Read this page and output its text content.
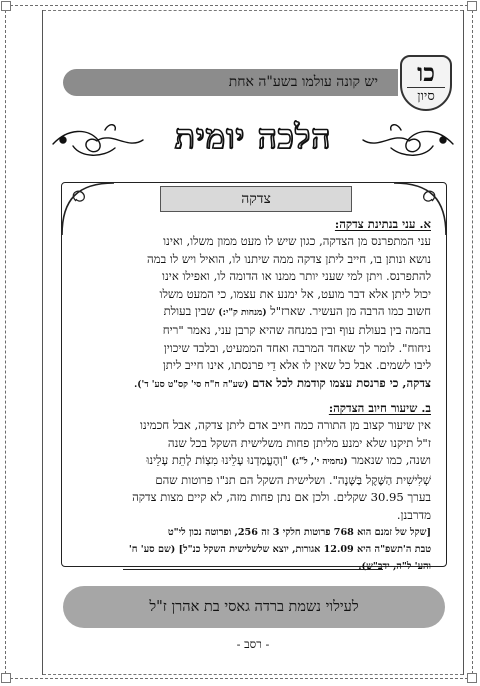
יש קונה עולמו בשע"ה אחת	כו
סיון
הלכה יומית
צדקה

א. עני בנתינת צדקה:

עני המתפרנס מן הצדקה, כגון שיש לו מעט ממון משלו, ואינו

נושא ונותן בו, חייב ליתן צדקה ממה שיתנו לו, הואיל ויש לו במה

להתפרנס. ויתן למי שעני יותר ממנו או הדומה לו, ואפילו אינו

יכול ליתן אלא דבר מועט, אל ימנע את עצמו, כי המעט משלו

חשוב כמו הרבה מן העשיר. שארז"ל (מנחות ק"י:) שבין בעולת

בהמה בין בעולת עוף ובין במנחה שהיא קרבן עני, נאמר "ריח

ניחוח". לומר לך שאחד המרבה ואחד הממעיט, ובלבד שיכוין

ליבו לשמים. אבל כל שאין לו אלא דֵי פרנסתו, אינו חייב ליתן

צדקה, כי פרנסת עצמו קודמת לכל אדם (שע"ה ח"ח סי' קס"ט סע' ד').

ב. שיעור חיוב הצדקה:

אין שיעור קצוב מן התורה כמה חייב אדם ליתן צדקה, אבל חכמינו

ז"ל תיקנו שלא ימנע מליתן פחות משלישית השקל בכל שנה

ושנה, כמו שנאמר (נחמיה י', ל"ג) "וְהֶעֱמַדְנוּ עָלֵינוּ מִצְוֹת לָתֵת עָלֵינוּ

שְׁלִישִׁית הַשֶּׁקֶל בַּשָּׁנָה". ושלישית השקל הם תנ"ו פרוטות שהם

בערך 30.95 שקלים. ולכן אם נתן פחות מזה, לא קיים מצות צדקה

מדרבנן.

[שקל של זמנם הוא 768 פרוטות חלקי 3 זה 256, ופרוטה נכון לי"ט

טבת ה'תשפ"ה היא 12.09 אגורות, יוצא שלשלישית השקל כנ"ל] (שם סע' ח'

והע' ל"ה, ידב"ש).

לעילוי נשמת ברדה גאסי בת אהרן ז"ל
- רסב -
